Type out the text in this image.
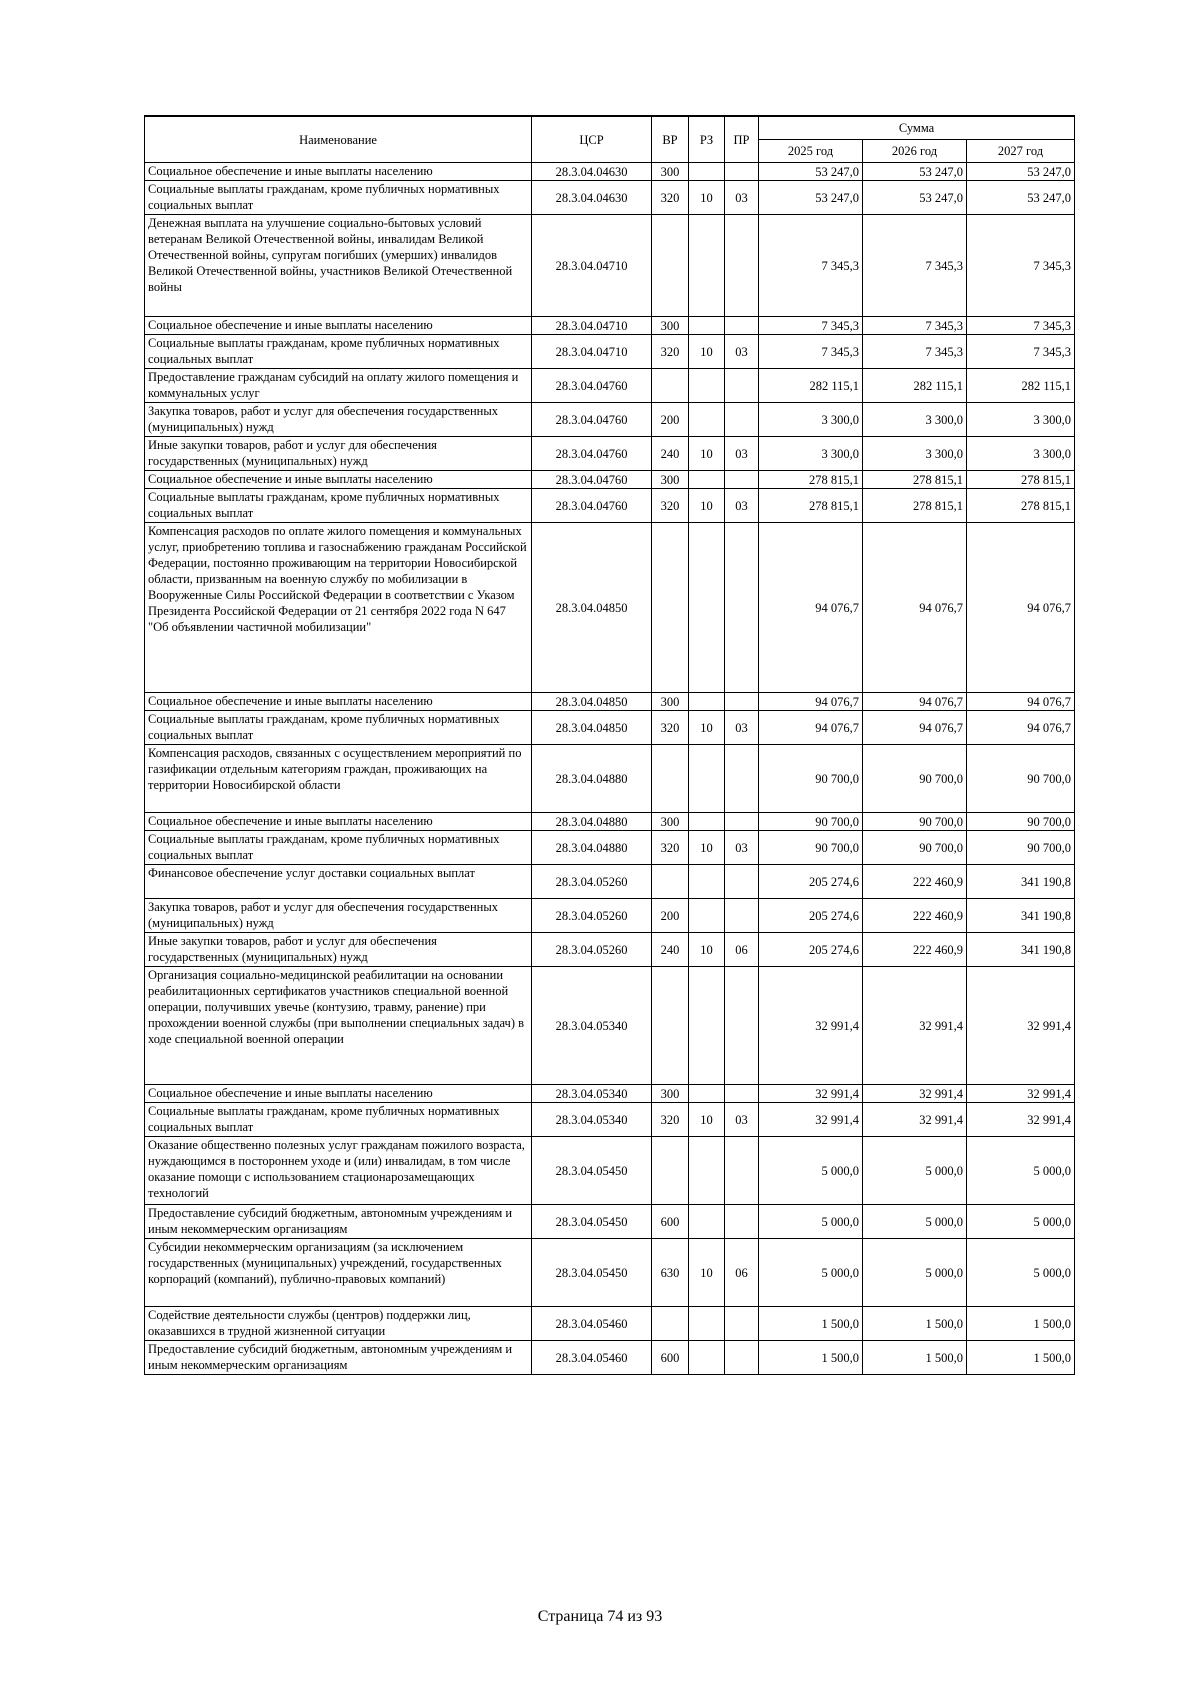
Наименование	ЦСР	ВР	РЗ	ПР	Сумма		
					2025 год	2026 год	2027 год
Социальное обеспечение и иные выплаты населению	28.3.04.04630	300			53 247,0	53 247,0	53 247,0
Социальные выплаты гражданам, кроме публичных нормативных социальных выплат	28.3.04.04630	320	10	03	53 247,0	53 247,0	53 247,0
Денежная выплата на улучшение социально-бытовых условий ветеранам Великой Отечественной войны, инвалидам Великой Отечественной войны, супругам погибших (умерших) инвалидов Великой Отечественной войны, участников Великой Отечественной войны	28.3.04.04710				7 345,3	7 345,3	7 345,3
Социальное обеспечение и иные выплаты населению	28.3.04.04710	300			7 345,3	7 345,3	7 345,3
Социальные выплаты гражданам, кроме публичных нормативных социальных выплат	28.3.04.04710	320	10	03	7 345,3	7 345,3	7 345,3
Предоставление гражданам субсидий на оплату жилого помещения и коммунальных услуг	28.3.04.04760				282 115,1	282 115,1	282 115,1
Закупка товаров, работ и услуг для обеспечения государственных (муниципальных) нужд	28.3.04.04760	200			3 300,0	3 300,0	3 300,0
Иные закупки товаров, работ и услуг для обеспечения государственных (муниципальных) нужд	28.3.04.04760	240	10	03	3 300,0	3 300,0	3 300,0
Социальное обеспечение и иные выплаты населению	28.3.04.04760	300			278 815,1	278 815,1	278 815,1
Социальные выплаты гражданам, кроме публичных нормативных социальных выплат	28.3.04.04760	320	10	03	278 815,1	278 815,1	278 815,1
Компенсация расходов по оплате жилого помещения и коммунальных услуг, приобретению топлива и газоснабжению гражданам Российской Федерации, постоянно проживающим на территории Новосибирской области, призванным на военную службу по мобилизации в Вооруженные Силы Российской Федерации в соответствии с Указом Президента Российской Федерации от 21 сентября 2022 года N 647 "Об объявлении частичной мобилизации"	28.3.04.04850				94 076,7	94 076,7	94 076,7
Социальное обеспечение и иные выплаты населению	28.3.04.04850	300			94 076,7	94 076,7	94 076,7
Социальные выплаты гражданам, кроме публичных нормативных социальных выплат	28.3.04.04850	320	10	03	94 076,7	94 076,7	94 076,7
Компенсация расходов, связанных с осуществлением мероприятий по газификации отдельным категориям граждан, проживающих на территории Новосибирской области	28.3.04.04880				90 700,0	90 700,0	90 700,0
Социальное обеспечение и иные выплаты населению	28.3.04.04880	300			90 700,0	90 700,0	90 700,0
Социальные выплаты гражданам, кроме публичных нормативных социальных выплат	28.3.04.04880	320	10	03	90 700,0	90 700,0	90 700,0
Финансовое обеспечение услуг доставки социальных выплат	28.3.04.05260				205 274,6	222 460,9	341 190,8
Закупка товаров, работ и услуг для обеспечения государственных (муниципальных) нужд	28.3.04.05260	200			205 274,6	222 460,9	341 190,8
Иные закупки товаров, работ и услуг для обеспечения государственных (муниципальных) нужд	28.3.04.05260	240	10	06	205 274,6	222 460,9	341 190,8
Организация социально-медицинской реабилитации на основании реабилитационных сертификатов участников специальной военной операции, получивших увечье (контузию, травму, ранение) при прохождении военной службы (при выполнении специальных задач) в ходе специальной военной операции	28.3.04.05340				32 991,4	32 991,4	32 991,4
Социальное обеспечение и иные выплаты населению	28.3.04.05340	300			32 991,4	32 991,4	32 991,4
Социальные выплаты гражданам, кроме публичных нормативных социальных выплат	28.3.04.05340	320	10	03	32 991,4	32 991,4	32 991,4
Оказание общественно полезных услуг гражданам пожилого возраста, нуждающимся в постороннем уходе и (или) инвалидам, в том числе оказание помощи с использованием стационарозамещающих технологий	28.3.04.05450				5 000,0	5 000,0	5 000,0
Предоставление субсидий бюджетным, автономным учреждениям и иным некоммерческим организациям	28.3.04.05450	600			5 000,0	5 000,0	5 000,0
Субсидии некоммерческим организациям (за исключением государственных (муниципальных) учреждений, государственных корпораций (компаний), публично-правовых компаний)	28.3.04.05450	630	10	06	5 000,0	5 000,0	5 000,0
Содействие деятельности службы (центров) поддержки лиц, оказавшихся в трудной жизненной ситуации	28.3.04.05460				1 500,0	1 500,0	1 500,0
Предоставление субсидий бюджетным, автономным учреждениям и иным некоммерческим организациям	28.3.04.05460	600			1 500,0	1 500,0	1 500,0
Страница 74 из 93
